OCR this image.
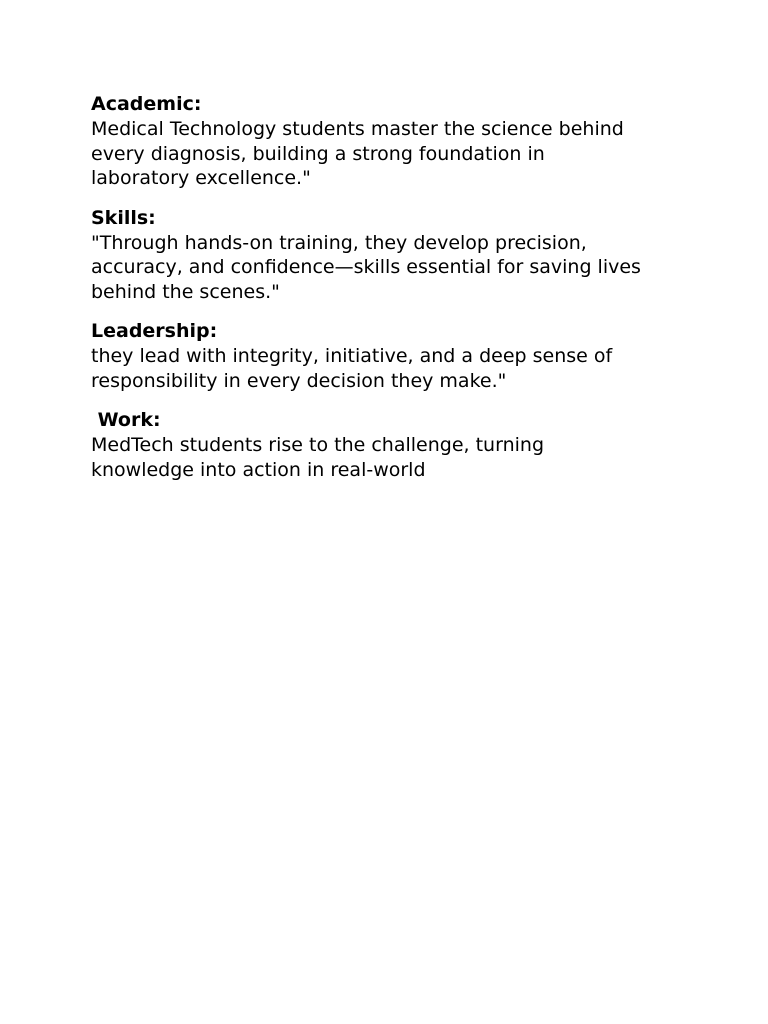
Academic:

Medical Technology students master the science behind
every diagnosis, building a strong foundation in
laboratory excellence."

Skills:

"Through hands-on training, they develop precision,
accuracy, and confidence—skills essential for saving lives
behind the scenes."

Leadership:

they lead with integrity, initiative, and a deep sense of
responsibility in every decision they make."

Work:

MedTech students rise to the challenge, turning
knowledge into action in real-world
